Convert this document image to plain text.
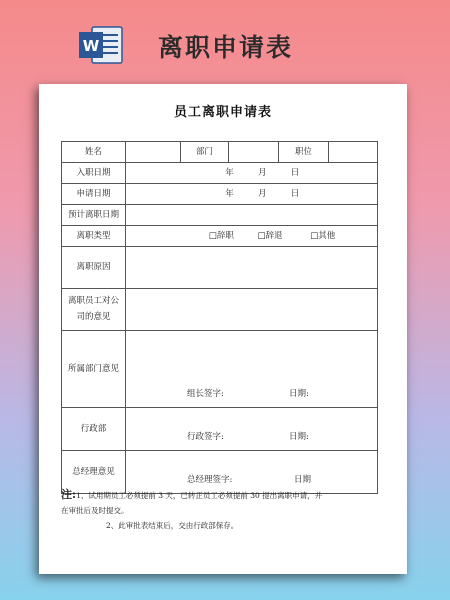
W 离职申请表
员工离职申请表
姓名		部门		职位	
入职日期	年 月 日				
申请日期	年 月 日				
预计离职日期					
离职类型	□辞职 □辞退 □其他				
离职原因					

离职员工对公
司的意见					

所属部门意见	组长签字: 日期:				

行政部	行政签字: 日期:				

总经理意见	总经理签字: 日期				
注:1、试用期员工必须提前 3 天，已转正员工必须提前 30 提出离职申请，并
在审批后及时提交。
2、此审批表结束后，交由行政部保存。
